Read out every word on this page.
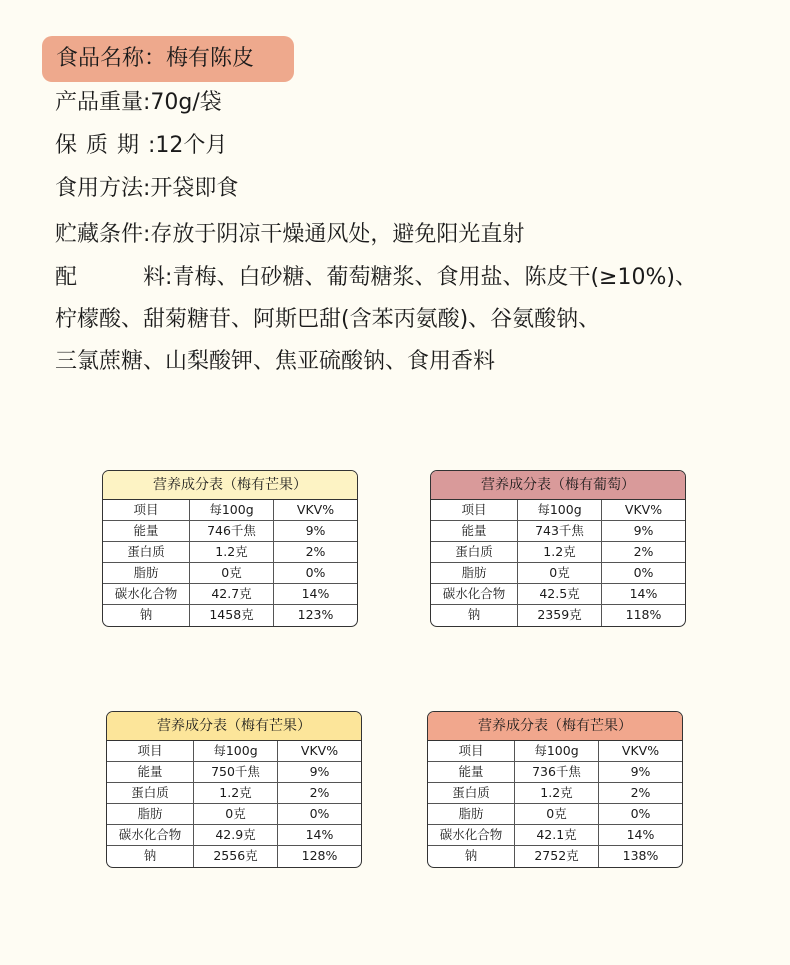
食品名称：梅有陈皮
产品重量:70g/袋
保质期:12个月
食用方法:开袋即食
贮藏条件:存放于阴凉干燥通风处，避免阳光直射
配	料:青梅、白砂糖、葡萄糖浆、食用盐、陈皮干(≥10%)、
柠檬酸、甜菊糖苷、阿斯巴甜(含苯丙氨酸)、谷氨酸钠、
三氯蔗糖、山梨酸钾、焦亚硫酸钠、食用香料
营养成分表（梅有芒果）
项目	每100g	VKV%
能量	746千焦	9%
蛋白质	1.2克	2%
脂肪	0克	0%
碳水化合物	42.7克	14%
钠	1458克	123%
营养成分表（梅有葡萄）
项目	每100g	VKV%
能量	743千焦	9%
蛋白质	1.2克	2%
脂肪	0克	0%
碳水化合物	42.5克	14%
钠	2359克	118%
营养成分表（梅有芒果）
项目	每100g	VKV%
能量	750千焦	9%
蛋白质	1.2克	2%
脂肪	0克	0%
碳水化合物	42.9克	14%
钠	2556克	128%
营养成分表（梅有芒果）
项目	每100g	VKV%
能量	736千焦	9%
蛋白质	1.2克	2%
脂肪	0克	0%
碳水化合物	42.1克	14%
钠	2752克	138%
